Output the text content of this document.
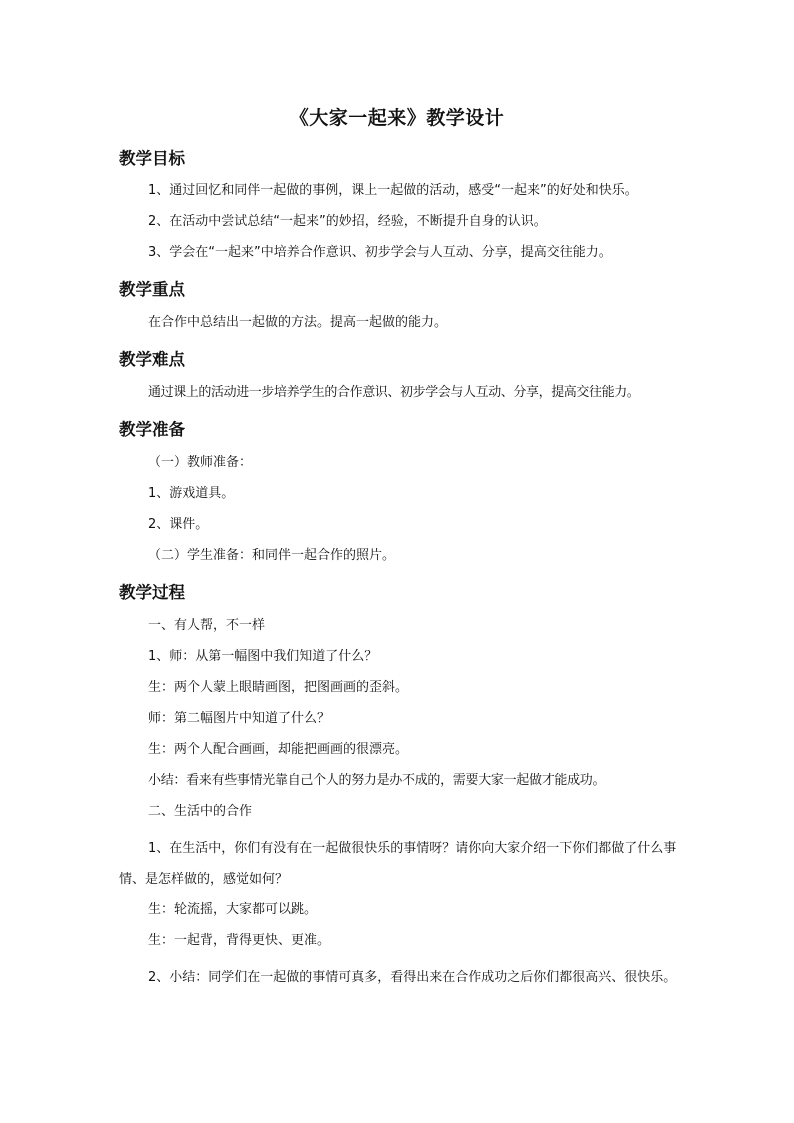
《大家一起来》教学设计
教学目标

1、通过回忆和同伴一起做的事例，课上一起做的活动，感受“一起来”的好处和快乐。

2、在活动中尝试总结“一起来”的妙招，经验，不断提升自身的认识。

3、学会在“一起来”中培养合作意识、初步学会与人互动、分享，提高交往能力。

教学重点

在合作中总结出一起做的方法。提高一起做的能力。

教学难点

通过课上的活动进一步培养学生的合作意识、初步学会与人互动、分享，提高交往能力。

教学准备

（一）教师准备：

1、游戏道具。

2、课件。

（二）学生准备：和同伴一起合作的照片。

教学过程

一、有人帮，不一样

1、师：从第一幅图中我们知道了什么？

生：两个人蒙上眼睛画图，把图画画的歪斜。

师：第二幅图片中知道了什么？

生：两个人配合画画，却能把画画的很漂亮。

小结：看来有些事情光靠自己个人的努力是办不成的，需要大家一起做才能成功。

二、生活中的合作

1、在生活中，你们有没有在一起做很快乐的事情呀？请你向大家介绍一下你们都做了什么事情、是怎样做的，感觉如何？

生：轮流摇，大家都可以跳。

生：一起背，背得更快、更准。

2、小结：同学们在一起做的事情可真多，看得出来在合作成功之后你们都很高兴、很快乐。
